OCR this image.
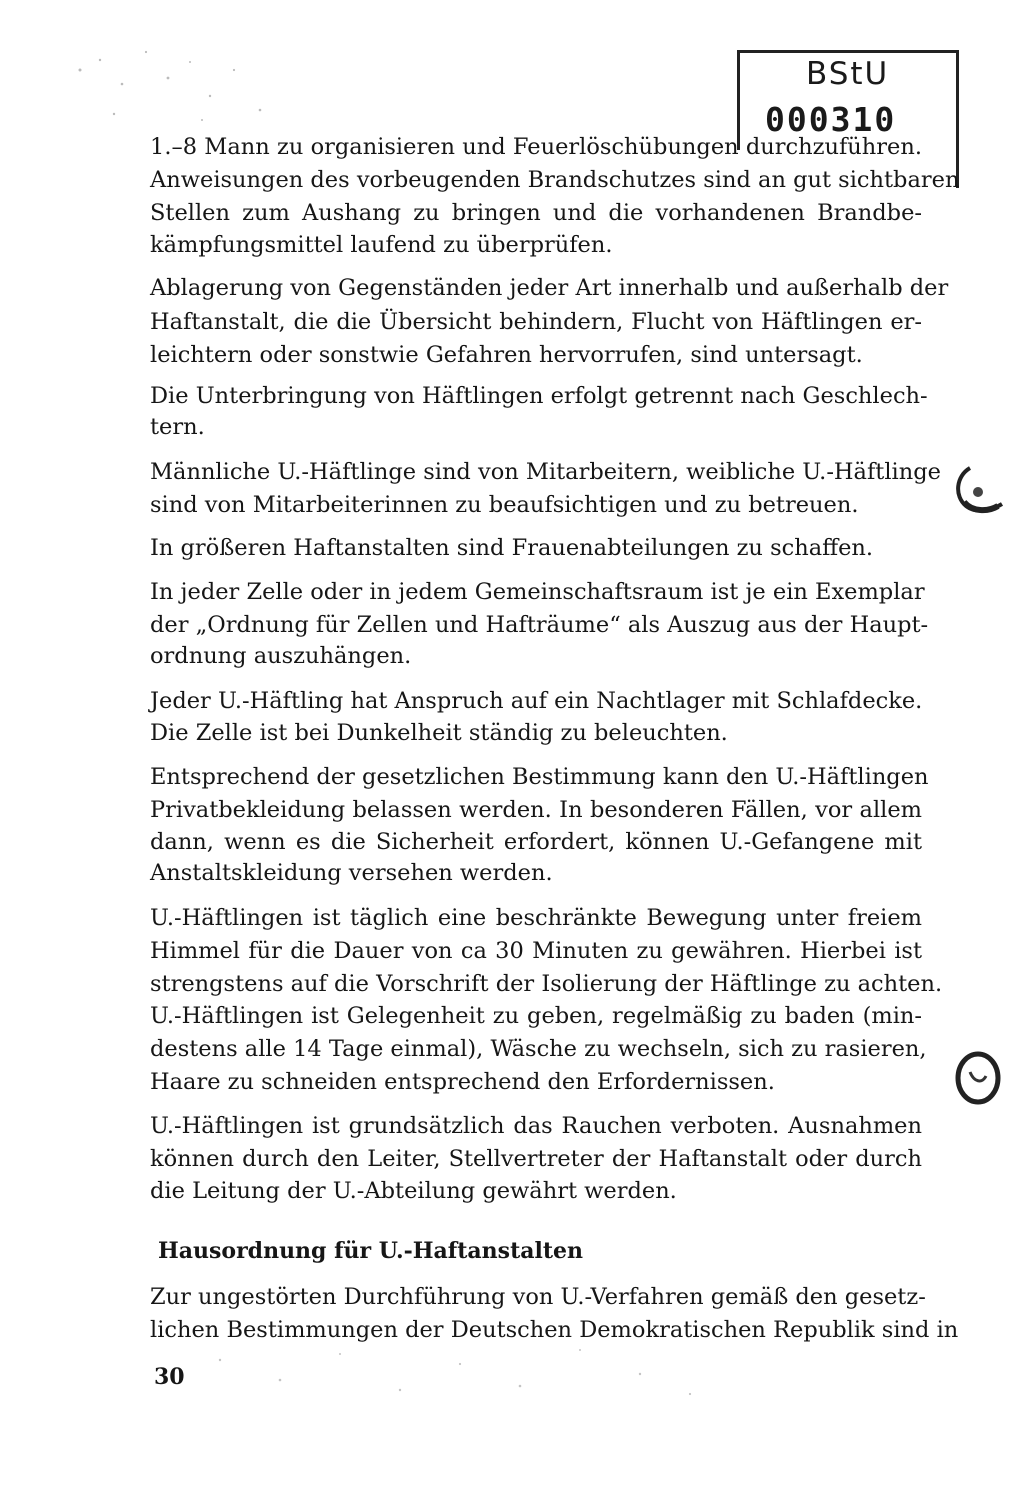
BStU
000310
1.–8 Mann zu organisieren und Feuerlöschübungen durchzuführen.
Anweisungen des vorbeugenden Brandschutzes sind an gut sichtbaren
Stellen zum Aushang zu bringen und die vorhandenen Brandbe-
kämpfungsmittel laufend zu überprüfen.
Ablagerung von Gegenständen jeder Art innerhalb und außerhalb der
Haftanstalt, die die Übersicht behindern, Flucht von Häftlingen er-
leichtern oder sonstwie Gefahren hervorrufen, sind untersagt.
Die Unterbringung von Häftlingen erfolgt getrennt nach Geschlech-
tern.
Männliche U.-Häftlinge sind von Mitarbeitern, weibliche U.-Häftlinge
sind von Mitarbeiterinnen zu beaufsichtigen und zu betreuen.
In größeren Haftanstalten sind Frauenabteilungen zu schaffen.
In jeder Zelle oder in jedem Gemeinschaftsraum ist je ein Exemplar
der „Ordnung für Zellen und Hafträume“ als Auszug aus der Haupt-
ordnung auszuhängen.
Jeder U.-Häftling hat Anspruch auf ein Nachtlager mit Schlafdecke.
Die Zelle ist bei Dunkelheit ständig zu beleuchten.
Entsprechend der gesetzlichen Bestimmung kann den U.-Häftlingen
Privatbekleidung belassen werden. In besonderen Fällen, vor allem
dann, wenn es die Sicherheit erfordert, können U.-Gefangene mit
Anstaltskleidung versehen werden.
U.-Häftlingen ist täglich eine beschränkte Bewegung unter freiem
Himmel für die Dauer von ca 30 Minuten zu gewähren. Hierbei ist
strengstens auf die Vorschrift der Isolierung der Häftlinge zu achten.
U.-Häftlingen ist Gelegenheit zu geben, regelmäßig zu baden (min-
destens alle 14 Tage einmal), Wäsche zu wechseln, sich zu rasieren,
Haare zu schneiden entsprechend den Erfordernissen.
U.-Häftlingen ist grundsätzlich das Rauchen verboten. Ausnahmen
können durch den Leiter, Stellvertreter der Haftanstalt oder durch
die Leitung der U.-Abteilung gewährt werden.
Hausordnung für U.-Haftanstalten
Zur ungestörten Durchführung von U.-Verfahren gemäß den gesetz-
lichen Bestimmungen der Deutschen Demokratischen Republik sind in
30
